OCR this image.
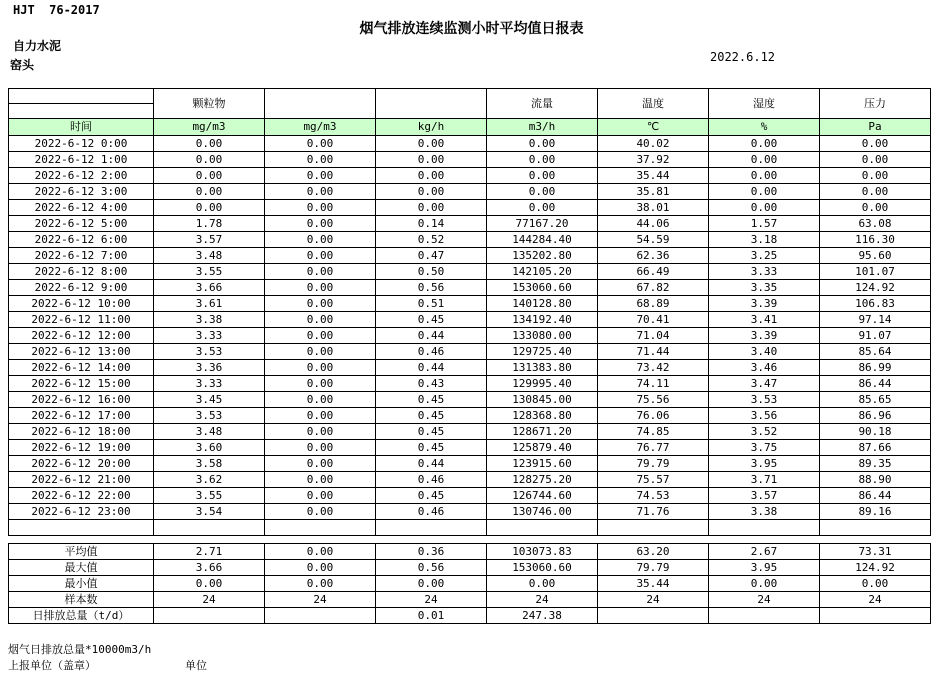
HJT  76-2017
烟气排放连续监测小时平均值日报表
自力水泥
窑头
2022.6.12
	颗粒物			流量	温度	湿度	压力

时间	mg/m3	mg/m3	kg/h	m3/h	℃	%	Pa
2022-6-12 0:00	0.00	0.00	0.00	0.00	40.02	0.00	0.00
2022-6-12 1:00	0.00	0.00	0.00	0.00	37.92	0.00	0.00
2022-6-12 2:00	0.00	0.00	0.00	0.00	35.44	0.00	0.00
2022-6-12 3:00	0.00	0.00	0.00	0.00	35.81	0.00	0.00
2022-6-12 4:00	0.00	0.00	0.00	0.00	38.01	0.00	0.00
2022-6-12 5:00	1.78	0.00	0.14	77167.20	44.06	1.57	63.08
2022-6-12 6:00	3.57	0.00	0.52	144284.40	54.59	3.18	116.30
2022-6-12 7:00	3.48	0.00	0.47	135202.80	62.36	3.25	95.60
2022-6-12 8:00	3.55	0.00	0.50	142105.20	66.49	3.33	101.07
2022-6-12 9:00	3.66	0.00	0.56	153060.60	67.82	3.35	124.92
2022-6-12 10:00	3.61	0.00	0.51	140128.80	68.89	3.39	106.83
2022-6-12 11:00	3.38	0.00	0.45	134192.40	70.41	3.41	97.14
2022-6-12 12:00	3.33	0.00	0.44	133080.00	71.04	3.39	91.07
2022-6-12 13:00	3.53	0.00	0.46	129725.40	71.44	3.40	85.64
2022-6-12 14:00	3.36	0.00	0.44	131383.80	73.42	3.46	86.99
2022-6-12 15:00	3.33	0.00	0.43	129995.40	74.11	3.47	86.44
2022-6-12 16:00	3.45	0.00	0.45	130845.00	75.56	3.53	85.65
2022-6-12 17:00	3.53	0.00	0.45	128368.80	76.06	3.56	86.96
2022-6-12 18:00	3.48	0.00	0.45	128671.20	74.85	3.52	90.18
2022-6-12 19:00	3.60	0.00	0.45	125879.40	76.77	3.75	87.66
2022-6-12 20:00	3.58	0.00	0.44	123915.60	79.79	3.95	89.35
2022-6-12 21:00	3.62	0.00	0.46	128275.20	75.57	3.71	88.90
2022-6-12 22:00	3.55	0.00	0.45	126744.60	74.53	3.57	86.44
2022-6-12 23:00	3.54	0.00	0.46	130746.00	71.76	3.38	89.16

平均值	2.71	0.00	0.36	103073.83	63.20	2.67	73.31
最大值	3.66	0.00	0.56	153060.60	79.79	3.95	124.92
最小值	0.00	0.00	0.00	0.00	35.44	0.00	0.00
样本数	24	24	24	24	24	24	24
日排放总量（t/d）			0.01	247.38			
烟气日排放总量*10000m3/h
上报单位（盖章）	单位
